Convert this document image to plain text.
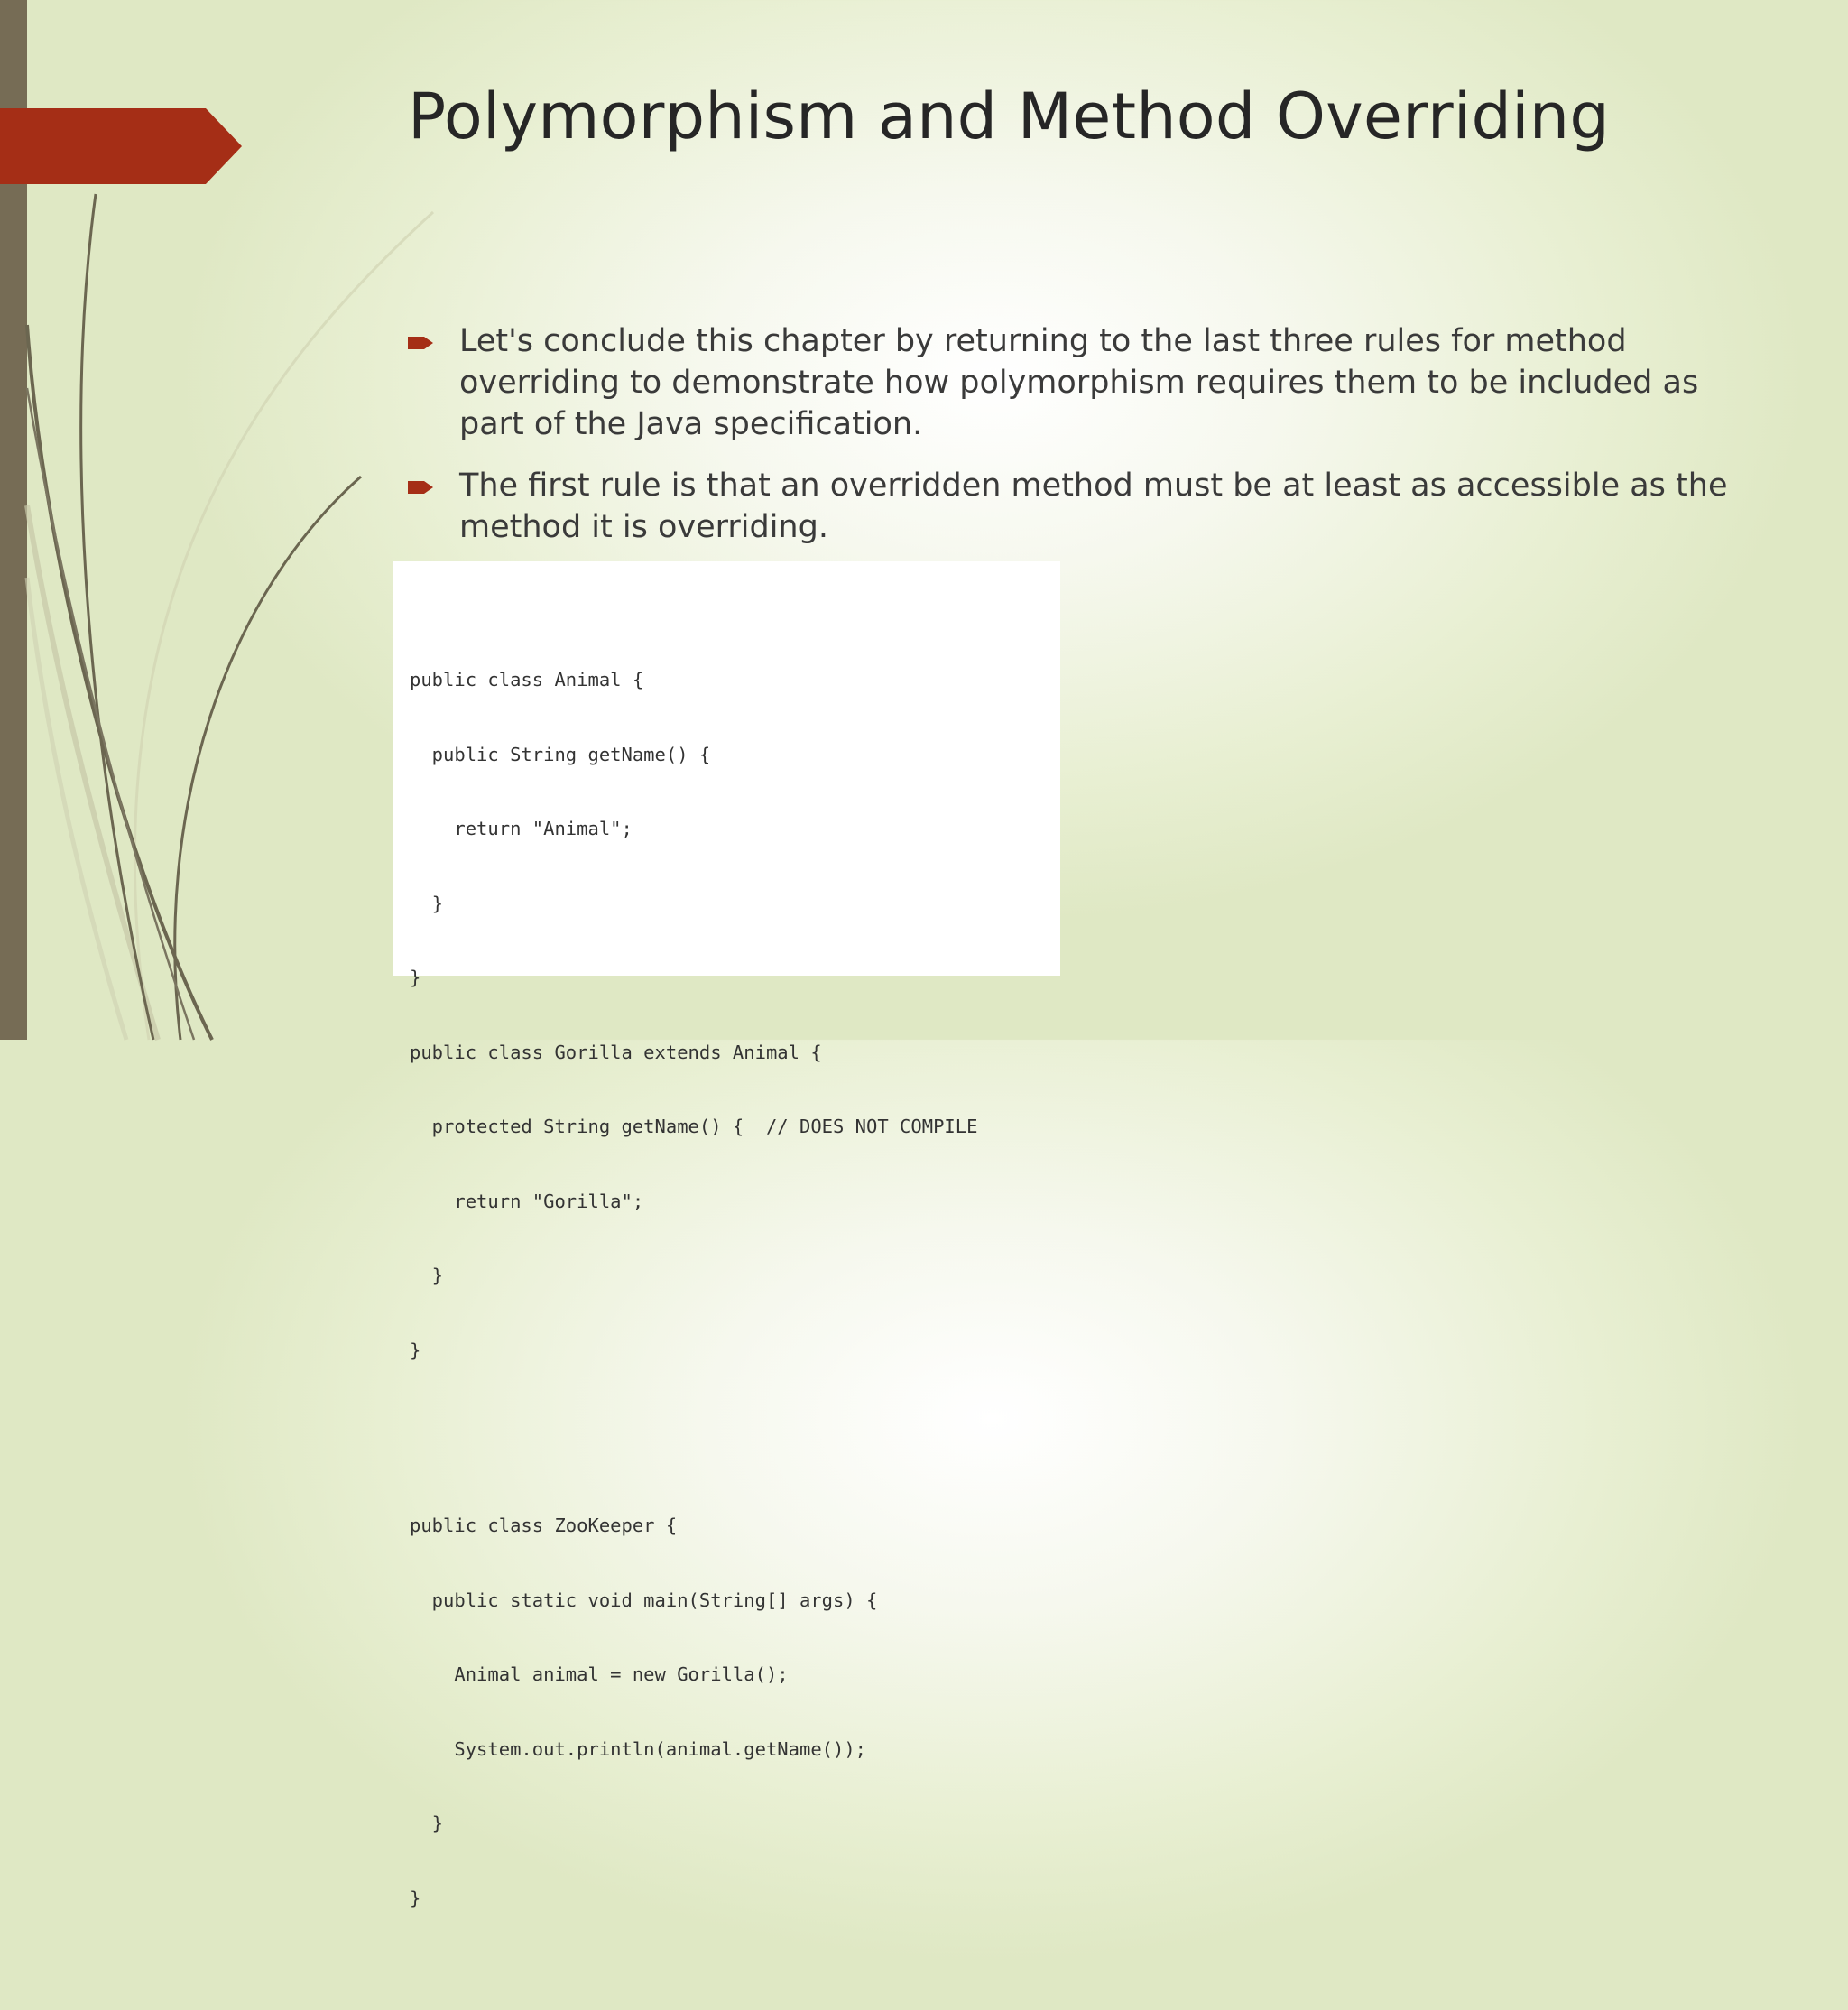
Polymorphism and Method Overriding
Let's conclude this chapter by returning to the last three rules for method overriding to demonstrate how polymorphism requires them to be included as part of the Java specification.
The first rule is that an overridden method must be at least as accessible as the method it is overriding.

public class Animal {

public String getName() {

return "Animal";

}

}

public class Gorilla extends Animal {

protected String getName() {  // DOES NOT COMPILE

return "Gorilla";

}

}

public class ZooKeeper {

public static void main(String[] args) {

Animal animal = new Gorilla();

System.out.println(animal.getName());

}

}
